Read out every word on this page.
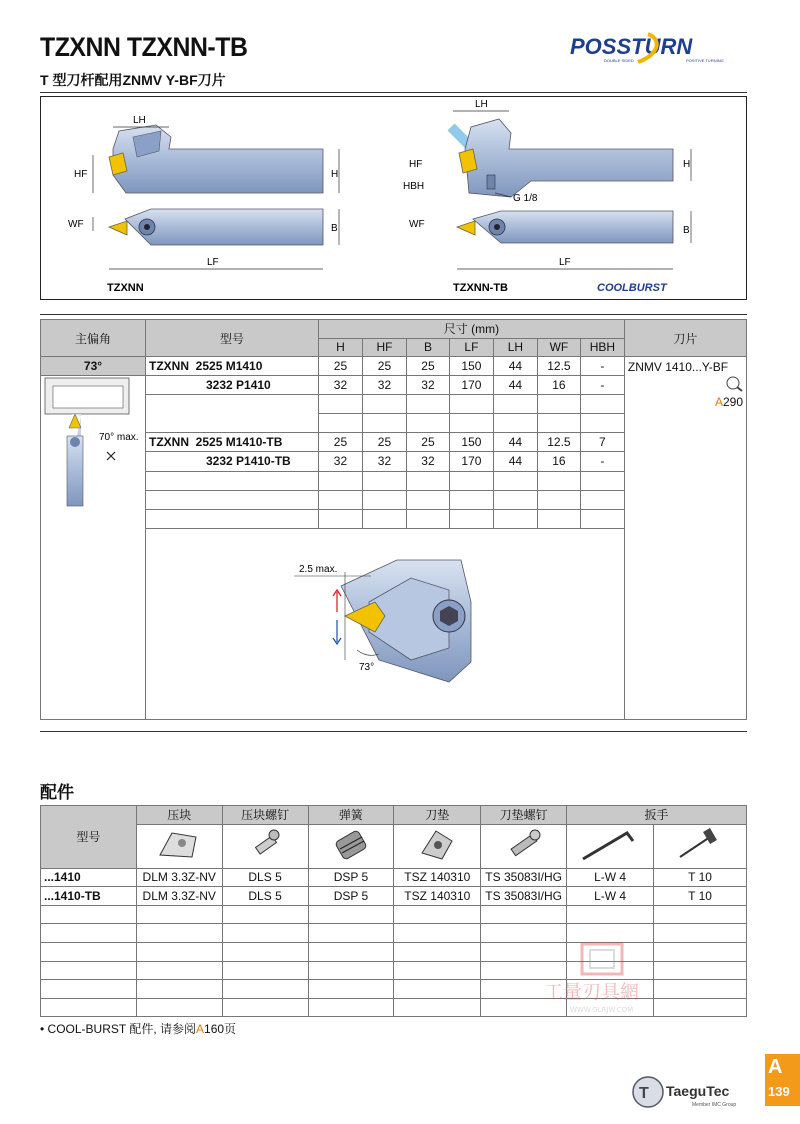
TZXNN TZXNN-TB
T 型刀杆配用ZNMV Y-BF刀片
POSSTURN
DOUBLE SIDED	POSITIVE TURNING
LH
HF	H
WF	B
LF
TZXNN
LH
HF
HBH
H
G 1/8
WF
B
LF
TZXNN-TB	COOLBURST
主偏角	型号	尺寸 (mm)							刀片
		H	HF	B	LF	LH	WF	HBH	
73°	TZXNN 2525 M1410	25	25	25	150	44	12.5	-	ZNMV 1410...Y-BF
A290

70° max.	3232 P1410	32	32	32	170	44	16	-	

	TZXNN 2525 M1410-TB	25	25	25	150	44	12.5	7	
	3232 P1410-TB	32	32	32	170	44	16	-	

2.5 max.
73°								
配件
型号	压块	压块螺钉	弹簧	刀垫	刀垫螺钉	扳手	

...1410	DLM 3.3Z-NV	DLS 5	DSP 5	TSZ 140310	TS 35083I/HG	L-W 4	T 10
...1410-TB	DLM 3.3Z-NV	DLS 5	DSP 5	TSZ 140310	TS 35083I/HG	L-W 4	T 10

工量刃具網
WWW.GLRJW.COM
• COOL-BURST 配件, 请参阅A160页
T TaeguTec
Member IMC Group
A
139
